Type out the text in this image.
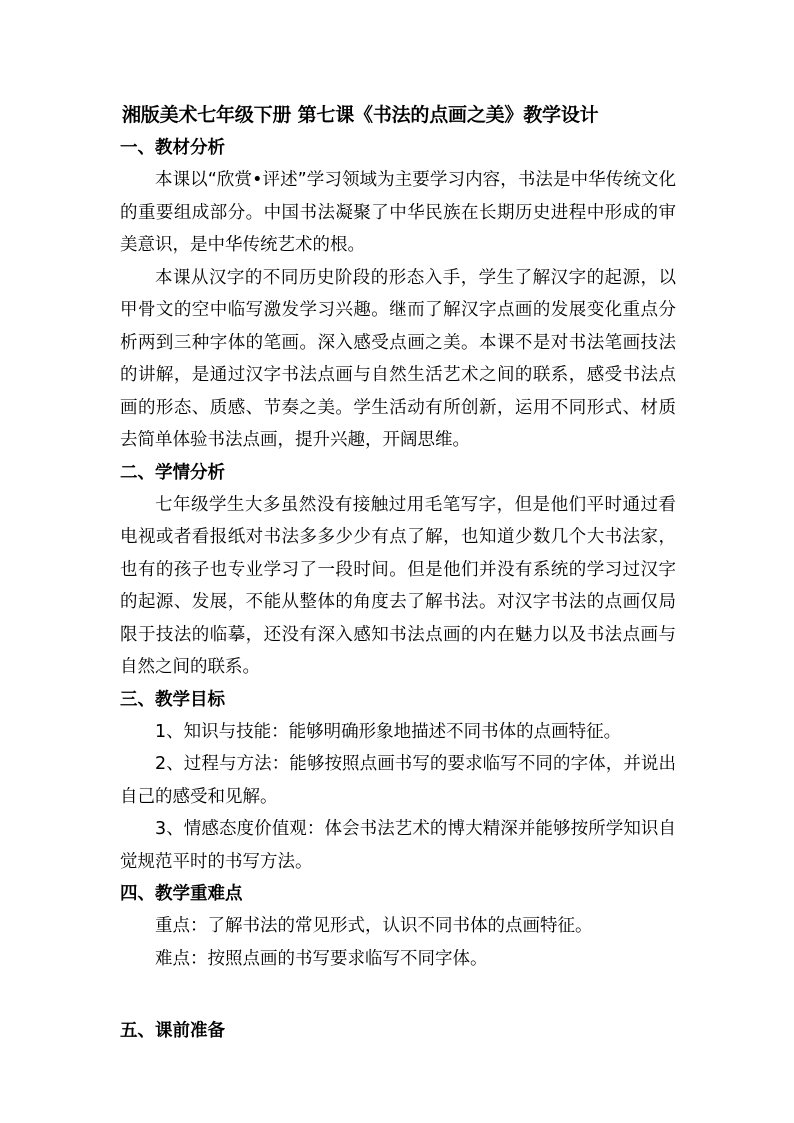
湘版美术七年级下册 第七课《书法的点画之美》教学设计
一、教材分析

本课以“欣赏•评述”学习领域为主要学习内容，书法是中华传统文化的重要组成部分。中国书法凝聚了中华民族在长期历史进程中形成的审美意识，是中华传统艺术的根。

本课从汉字的不同历史阶段的形态入手，学生了解汉字的起源，以甲骨文的空中临写激发学习兴趣。继而了解汉字点画的发展变化重点分析两到三种字体的笔画。深入感受点画之美。本课不是对书法笔画技法的讲解，是通过汉字书法点画与自然生活艺术之间的联系，感受书法点画的形态、质感、节奏之美。学生活动有所创新，运用不同形式、材质去简单体验书法点画，提升兴趣，开阔思维。

二、学情分析

七年级学生大多虽然没有接触过用毛笔写字，但是他们平时通过看电视或者看报纸对书法多多少少有点了解，也知道少数几个大书法家，也有的孩子也专业学习了一段时间。但是他们并没有系统的学习过汉字的起源、发展，不能从整体的角度去了解书法。对汉字书法的点画仅局限于技法的临摹，还没有深入感知书法点画的内在魅力以及书法点画与自然之间的联系。

三、教学目标

1、知识与技能：能够明确形象地描述不同书体的点画特征。

2、过程与方法：能够按照点画书写的要求临写不同的字体，并说出自己的感受和见解。

3、情感态度价值观：体会书法艺术的博大精深并能够按所学知识自觉规范平时的书写方法。

四、教学重难点

重点：了解书法的常见形式，认识不同书体的点画特征。

难点：按照点画的书写要求临写不同字体。

五、课前准备
